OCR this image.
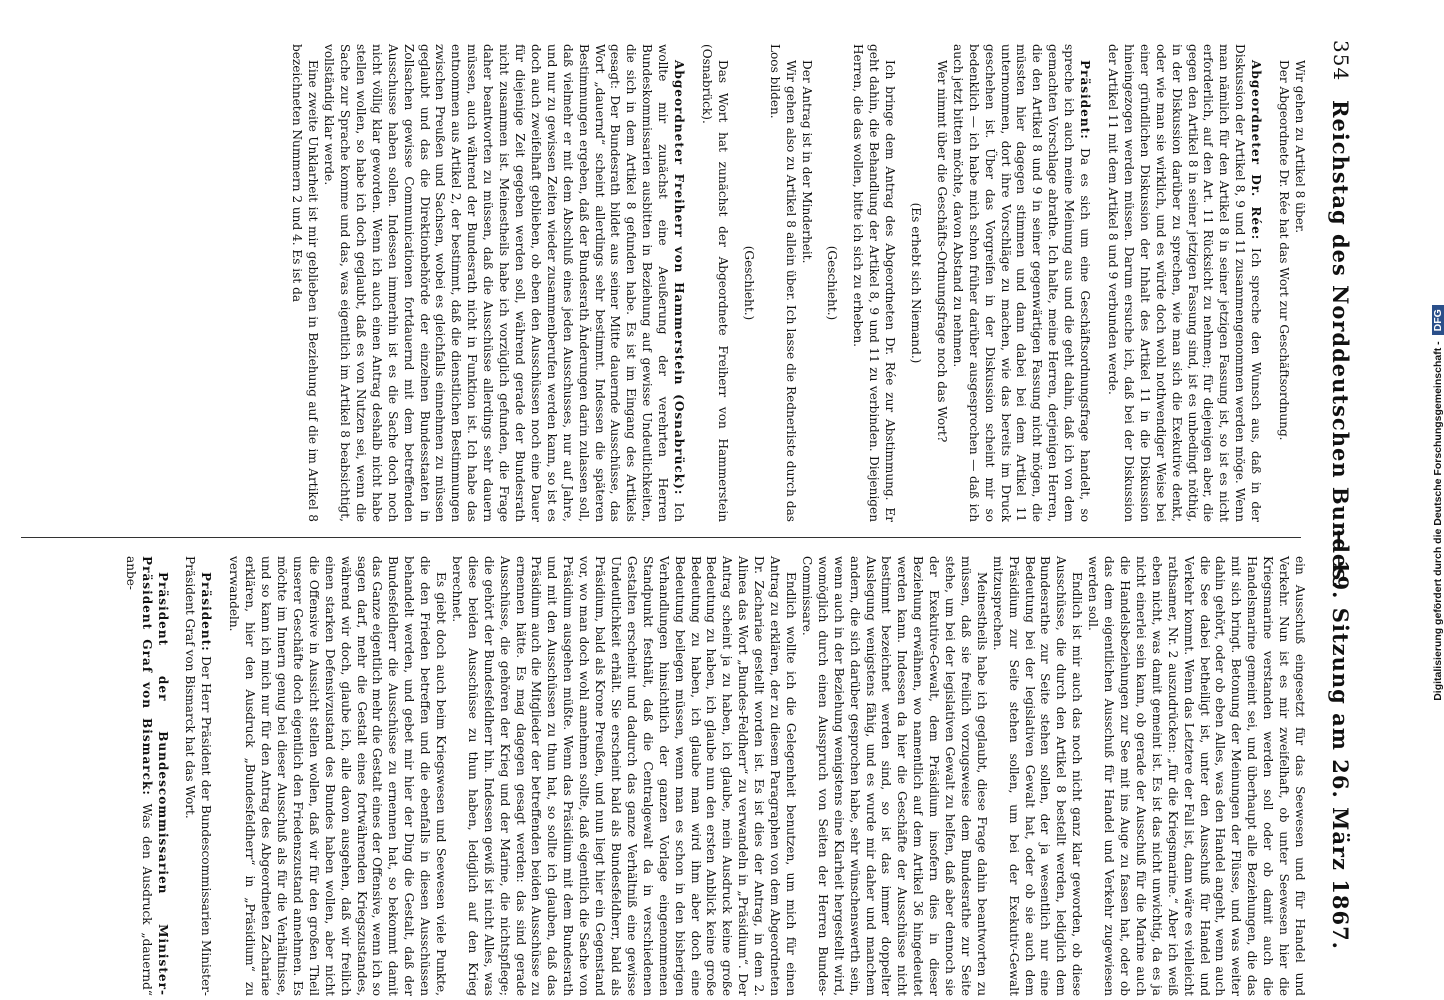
354
Reichstag des Norddeutschen Bundes.
— 19. Sitzung am 26. März 1867.

Wir gehen zu Artikel 8 über.

Der Abgeordnete Dr. Rée hat das Wort zur Geschäftsordnung.

Abgeordneter Dr. Rée: Ich spreche den Wunsch aus, daß in der Diskussion der Artikel 8, 9 und 11 zusammengenommen werden möge. Wenn man nämlich für den Artikel 8 in seiner jetzigen Fassung ist, so ist es nicht erforderlich, auf den Art. 11 Rücksicht zu nehmen; für diejenigen aber, die gegen den Artikel 8 in seiner jetzigen Fassung sind, ist es unbedingt nöthig, in der Diskussion darüber zu sprechen, wie man sich die Exekutive denkt, oder wie man sie wirklich, und es würde doch wohl nothwendiger Weise bei einer gründlichen Diskussion der Inhalt des Artikel 11 in die Diskussion hineingezogen werden müssen. Darum ersuche ich, daß bei der Diskussion der Artikel 11 mit dem Artikel 8 und 9 verbunden werde.

Präsident: Da es sich um eine Geschäftsordnungsfrage handelt, so spreche ich auch meine Meinung aus und die geht dahin, daß ich von dem gemachten Vorschlage abrathe. Ich halte, meine Herren, derjenigen Herren, die den Artikel 8 und 9 in seiner gegenwärtigen Fassung nicht mögen, die müssten hier dagegen stimmen und dann dabei bei dem Artikel 11 unternommen, dort ihre Vorschläge zu machen, wie das bereits im Druck geschehen ist. Über das Vorgreifen in der Diskussion scheint mir so bedenklich — ich habe mich schon früher darüber ausgesprochen — daß ich auch jetzt bitten möchte, davon Abstand zu nehmen.

Wer nimmt über die Geschäfts-Ordnungsfrage noch das Wort?

(Es erhebt sich Niemand.)

Ich bringe dem Antrag des Abgeordneten Dr. Rée zur Abstimmung. Er geht dahin, die Behandlung der Artikel 8, 9 und 11 zu verbinden. Diejenigen Herren, die das wollen, bitte ich sich zu erheben.

(Geschieht.)

Der Antrag ist in der Minderheit.

Wir gehen also zu Artikel 8 allein über. Ich lasse die Rednerliste durch das Loos bilden.

(Geschieht.)

Das Wort hat zunächst der Abgeordnete Freiherr von Hammerstein (Osnabrück).

Abgeordneter Freiherr von Hammerstein (Osnabrück): Ich wollte mir zunächst eine Aeußerung der verehrten Herren Bundeskommissarien ausbitten in Beziehung auf gewisse Undeutlichkeiten, die sich in dem Artikel 8 gefunden habe. Es ist im Eingang des Artikels gesagt: Der Bundesrath bildet aus seiner Mitte dauernde Ausschüsse, das Wort „dauernd“ scheint allerdings sehr bestimmt. Indessen die späteren Bestimmungen ergeben, daß der Bundesrath Änderungen darin zulassen soll, daß vielmehr er mit dem Abschluß eines jeden Ausschusses, nur auf Jahre, und nur zu gewissen Zeiten wieder zusammenberufen werden kann, so ist es doch auch zweifelhaft geblieben, ob eben den Ausschüssen noch eine Dauer für diejenige Zeit gegeben werden soll, während gerade der Bundesrath nicht zusammen ist. Meinestheils habe ich vorzüglich gefunden, die Frage daher beantworten zu müssen, daß die Ausschüsse allerdings sehr dauern müssen, auch während der Bundesrath nicht in Funktion ist. Ich habe das entnommen aus Artikel 2, der bestimmt, daß die dienstlichen Bestimmungen zwischen Preußen und Sachsen, wobei es gleichfalls einnehmen zu müssen geglaubt und das die Direktionbehörde der einzelnen Bundesstaaten in Zollsachen gewisse Communicationen fortdauernd mit dem betreffenden Ausschusse haben sollen. Indessen immerhin ist es die Sache doch noch nicht völlig klar geworden. Wenn ich auch einen Antrag deshalb nicht habe stellen wollen, so habe ich doch geglaubt, daß es von Nutzen sei, wenn die Sache zur Sprache komme und das, was eigentlich im Artikel 8 beabsichtigt, vollständig klar werde.

Eine zweite Unklarheit ist mir geblieben in Beziehung auf die im Artikel 8 bezeichneten Nummern 2 und 4. Es ist da

ein Ausschuß eingesetzt für das Seewesen und für Handel und Verkehr. Nun ist es mir zweifelhaft, ob unter Seewesen hier die Kriegsmarine verstanden werden soll oder ob damit auch die Handelsmarine gemeint sei, und überhaupt alle Beziehungen, die das mit sich bringt. Betonung der Meinungen der Flüsse, und was weiter dahin gehört, oder ob eben Alles, was den Handel angeht, wenn auch die See dabei betheiligt ist, unter den Ausschuß für Handel und Verkehr kommt. Wenn das Letztere der Fall ist, dann wäre es vielleicht rathsamer, Nr. 2 auszudrücken: „für die Kriegsmarine.“ Aber ich weiß eben nicht, was damit gemeint ist. Es ist das nicht unwichtig, da es ja nicht einerlei sein kann, ob gerade der Ausschuß für die Marine auch die Handelsbeziehungen zur See mit ins Auge zu fassen hat, oder ob das dem eigentlichen Ausschuß für Handel und Verkehr zugewiesen werden soll.

Endlich ist mir auch das noch nicht ganz klar geworden, ob diese Ausschüsse, die durch den Artikel 8 bestellt werden, lediglich dem Bundesrathe zur Seite stehen sollen, der ja wesentlich nur eine Bedeutung bei der legislativen Gewalt hat, oder ob sie auch dem Präsidium zur Seite stehen sollen, um bei der Exekutiv-Gewalt mitzusprechen.

Meinestheils habe ich geglaubt, diese Frage dahin beantworten zu müssen, daß sie freilich vorzugsweise dem Bundesrathe zur Seite stehe, um bei der legislativen Gewalt zu helfen, daß aber dennoch sie der Exekutive-Gewalt, dem Präsidium insofern dies in dieser Beziehung erwähnen, wo namentlich auf dem Artikel 36 hingedeutet werden kann. Indessen da hier die Geschäfte der Ausschüsse nicht bestimmt bezeichnet werden sind, so ist das immer doppelter Auslegung wenigstens fähig, und es wurde mir daher und manchem andern, die sich darüber gesprochen habe, sehr wünschenswerth sein, wenn auch in der Beziehung wenigstens eine Klarheit hergestellt wird, womöglich durch einen Ausspruch von Seiten der Herren Bundes-Commissare.

Endlich wollte ich die Gelegenheit benutzen, um mich für einen Antrag zu erklären, der zu diesem Paragraphen von dem Abgeordneten Dr. Zachariae gestellt worden ist. Es ist dies der Antrag, in dem 2. Alinea das Wort „Bundes-Feldherr“ zu verwandeln in „Präsidium“. Der Antrag scheint ja zu haben, ich glaube, mein Ausdruck keine große Bedeutung zu haben, ich glaube nun den ersten Anblick keine große Bedeutung zu haben, ich glaube man wird ihm aber doch eine Bedeutung beilegen müssen, wenn man es schon in den bisherigen Verhandlungen hinsichtlich der ganzen Vorlage eingenommenen Standpunkt festhält, daß die Centralgewalt da in verschiedenen Gestalten erscheint und dadurch das ganze Verhältniß eine gewisse Undeutlichkeit erhält. Sie erscheint bald als Bundesfeldherr, bald als Präsidium, bald als Krone Preußen, und nun liegt hier ein Gegenstand vor, wo man doch wohl annehmen sollte, daß eigentlich die Sache von Präsidium ausgehen müßte. Wenn das Präsidium mit dem Bundesrath und mit den Ausschüssen zu thun hat, so sollte ich glauben, daß das Präsidium auch die Mitglieder der betreffenden beiden Ausschüsse zu ernennen hätte. Es mag dagegen gesagt werden: das sind gerade Ausschüsse, die gehören der Krieg und der Marine, die nichtspflege; die gehört der Bundesfeldherr hin. Indessen gewiß ist nicht Alles, was diese beiden Ausschüsse zu thun haben, lediglich auf den Krieg berechnet.

Es giebt doch auch beim Kriegswesen und Seewesen viele Punkte, die den Frieden betreffen und die ebenfalls in diesen Ausschüssen behandelt werden, und gebet mir hier der Ding die Gestalt, daß der Bundesfeldherr die Ausschüsse zu ernennen hat, so bekommt damit das Ganze eigentlich mehr die Gestalt eines der Offensive, wenn ich so sagen darf, mehr die Gestalt eines fortwährenden Kriegszustandes, während wir doch, glaube ich, alle davon ausgehen, daß wir freilich einen starken Defensivzustand des Bundes haben wollen, aber nicht die Offensive in Aussicht stellen wollen, daß wir für den großen Theil unserer Geschäfte doch eigentlich den Friedenszustand annehmen. Es möchte im Innern genug bei dieser Ausschuß als für die Verhältnisse, und so kann ich mich nur für den Antrag des Abgeordneten Zachariae erklären, hier den Ausdruck „Bundesfeldherr“ in „Präsidium“ zu verwandeln.

Präsident: Der Herr Präsident der Bundescommissarien Minister-Präsident Graf von Bismarck hat das Wort.

Präsident der Bundescommissarien Minister-Präsident Graf von Bismarck: Was den Ausdruck „dauernd“ anbe-	Digitalisierung gefördert durch die Deutsche Forschungsgemeinschaft -DFG
